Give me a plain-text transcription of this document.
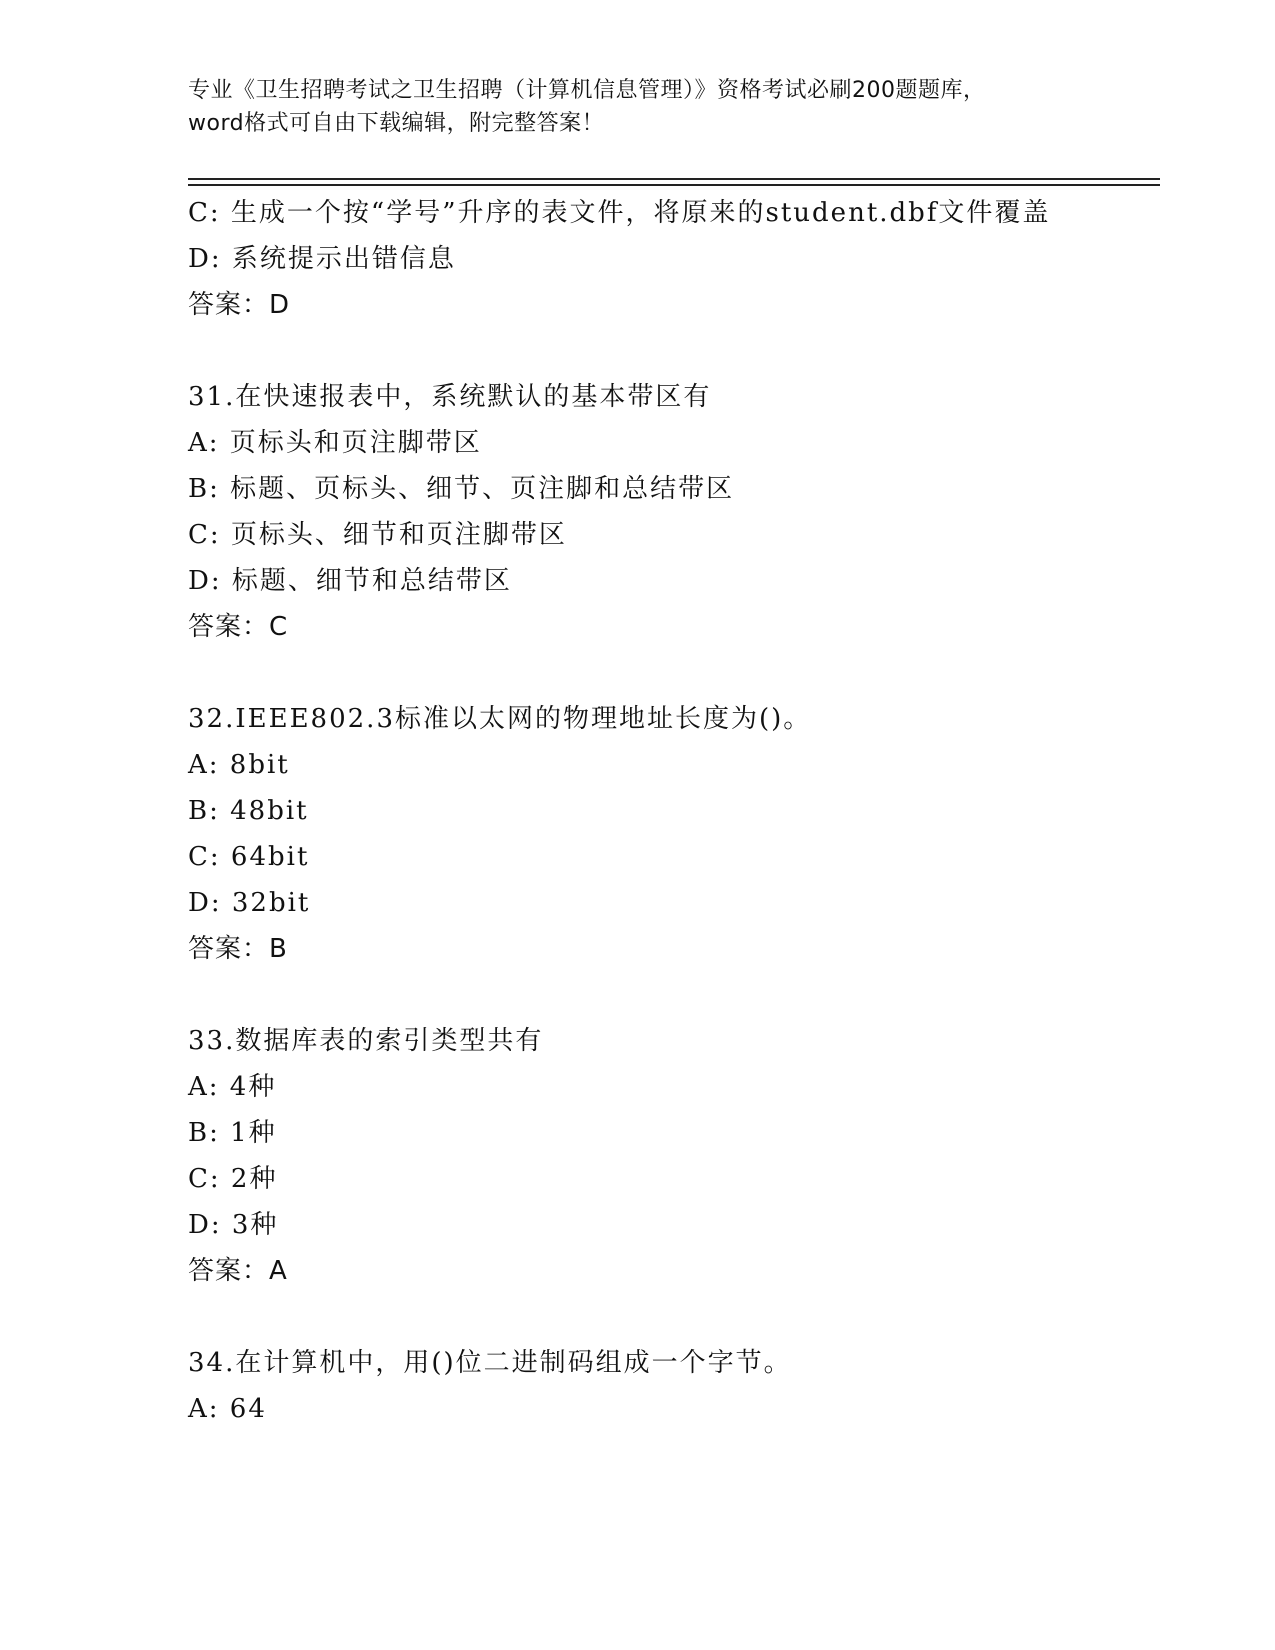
专业《卫生招聘考试之卫生招聘（计算机信息管理）》资格考试必刷200题题库，
word格式可自由下载编辑，附完整答案！
C: 生成一个按“学号”升序的表文件，将原来的student.dbf文件覆盖
D: 系统提示出错信息
答案：D
31.在快速报表中，系统默认的基本带区有
A: 页标头和页注脚带区
B: 标题、页标头、细节、页注脚和总结带区
C: 页标头、细节和页注脚带区
D: 标题、细节和总结带区
答案：C
32.IEEE802.3标准以太网的物理地址长度为()。
A: 8bit
B: 48bit
C: 64bit
D: 32bit
答案：B
33.数据库表的索引类型共有
A: 4种
B: 1种
C: 2种
D: 3种
答案：A
34.在计算机中，用()位二进制码组成一个字节。
A: 64
